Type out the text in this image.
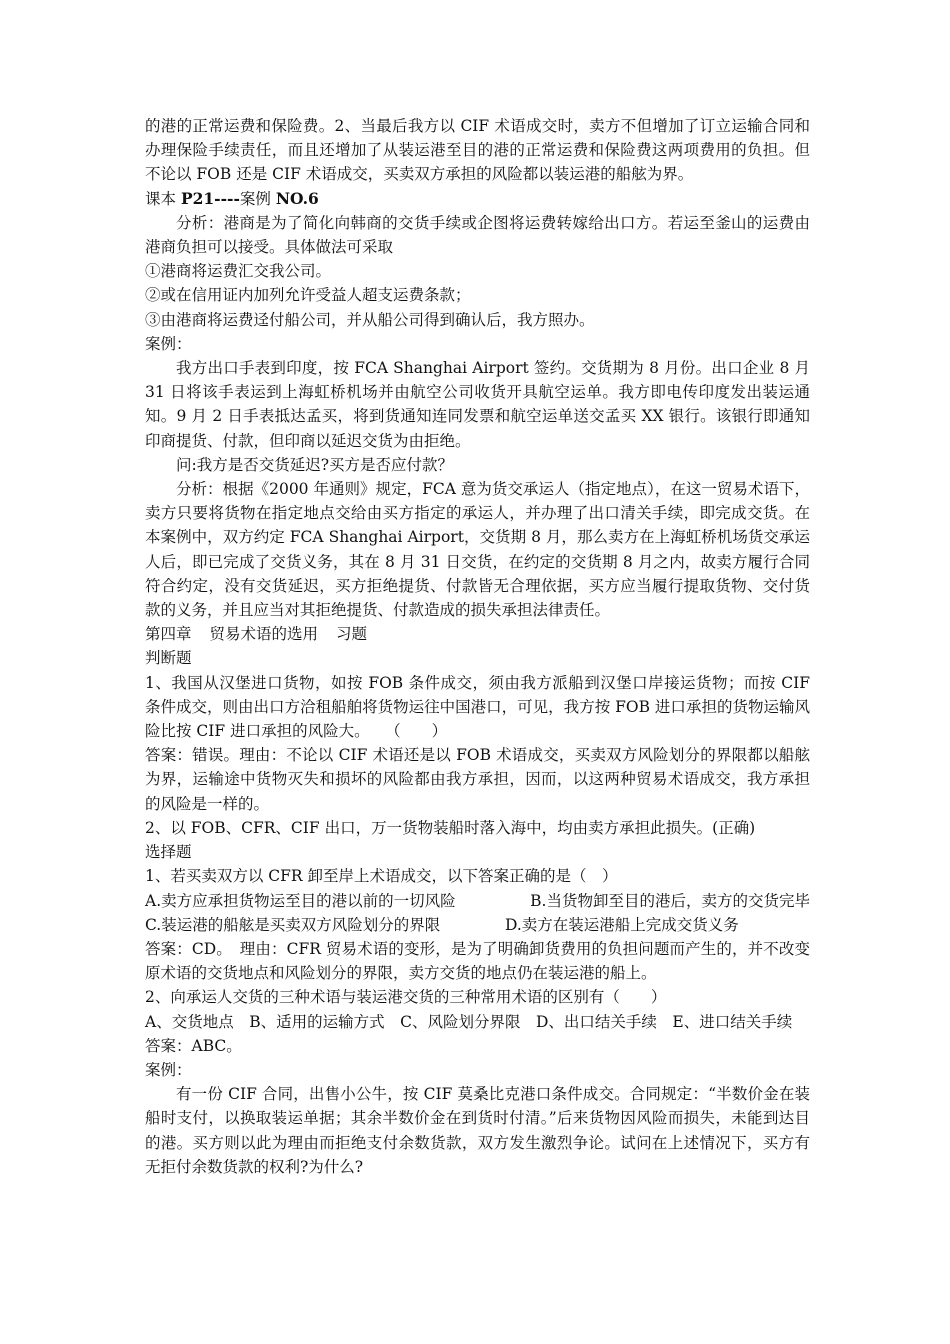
的港的正常运费和保险费。2、当最后我方以 CIF 术语成交时，卖方不但增加了订立运输合同和办理保险手续责任，而且还增加了从装运港至目的港的正常运费和保险费这两项费用的负担。但不论以 FOB 还是 CIF 术语成交，买卖双方承担的风险都以装运港的船舷为界。

课本 P21----案例 NO.6

分析：港商是为了简化向韩商的交货手续或企图将运费转嫁给出口方。若运至釜山的运费由港商负担可以接受。具体做法可采取

①港商将运费汇交我公司。

②或在信用证内加列允许受益人超支运费条款；

③由港商将运费迳付船公司，并从船公司得到确认后，我方照办。

案例：

我方出口手表到印度，按 FCA Shanghai Airport 签约。交货期为 8 月份。出口企业 8 月 31 日将该手表运到上海虹桥机场并由航空公司收货开具航空运单。我方即电传印度发出装运通知。9 月 2 日手表抵达孟买，将到货通知连同发票和航空运单送交孟买 XX 银行。该银行即通知印商提货、付款，但印商以延迟交货为由拒绝。

问:我方是否交货延迟?买方是否应付款？

分析：根据《2000 年通则》规定，FCA 意为货交承运人（指定地点），在这一贸易术语下，卖方只要将货物在指定地点交给由买方指定的承运人，并办理了出口清关手续，即完成交货。在本案例中，双方约定 FCA Shanghai Airport，交货期 8 月，那么卖方在上海虹桥机场货交承运人后，即已完成了交货义务，其在 8 月 31 日交货，在约定的交货期 8 月之内，故卖方履行合同符合约定，没有交货延迟，买方拒绝提货、付款皆无合理依据，买方应当履行提取货物、交付货款的义务，并且应当对其拒绝提货、付款造成的损失承担法律责任。

第四章 贸易术语的选用 习题

判断题

1、我国从汉堡进口货物，如按 FOB 条件成交，须由我方派船到汉堡口岸接运货物；而按 CIF 条件成交，则由出口方洽租船舶将货物运往中国港口，可见，我方按 FOB 进口承担的货物运输风险比按 CIF 进口承担的风险大。　　（　　）

答案：错误。理由：不论以 CIF 术语还是以 FOB 术语成交，买卖双方风险划分的界限都以船舷为界，运输途中货物灭失和损坏的风险都由我方承担，因而，以这两种贸易术语成交，我方承担的风险是一样的。

2、以 FOB、CFR、CIF 出口，万一货物装船时落入海中，均由卖方承担此损失。(正确)

选择题

1、若买卖双方以 CFR 卸至岸上术语成交，以下答案正确的是（　）

A.卖方应承担货物运至目的港以前的一切风险	B.当货物卸至目的港后，卖方的交货完毕
C.装运港的船舷是买卖双方风险划分的界限	D.卖方在装运港船上完成交货义务

答案：CD。　理由：CFR 贸易术语的变形，是为了明确卸货费用的负担问题而产生的，并不改变原术语的交货地点和风险划分的界限，卖方交货的地点仍在装运港的船上。

2、向承运人交货的三种术语与装运港交货的三种常用术语的区别有（　　）

A、交货地点　B、适用的运输方式　C、风险划分界限　D、出口结关手续　E、进口结关手续

答案：ABC。

案例：

有一份 CIF 合同，出售小公牛，按 CIF 莫桑比克港口条件成交。合同规定：“半数价金在装船时支付，以换取装运单据；其余半数价金在到货时付清。”后来货物因风险而损失，未能到达目的港。买方则以此为理由而拒绝支付余数货款，双方发生激烈争论。试问在上述情况下，买方有无拒付余数货款的权利?为什么?
